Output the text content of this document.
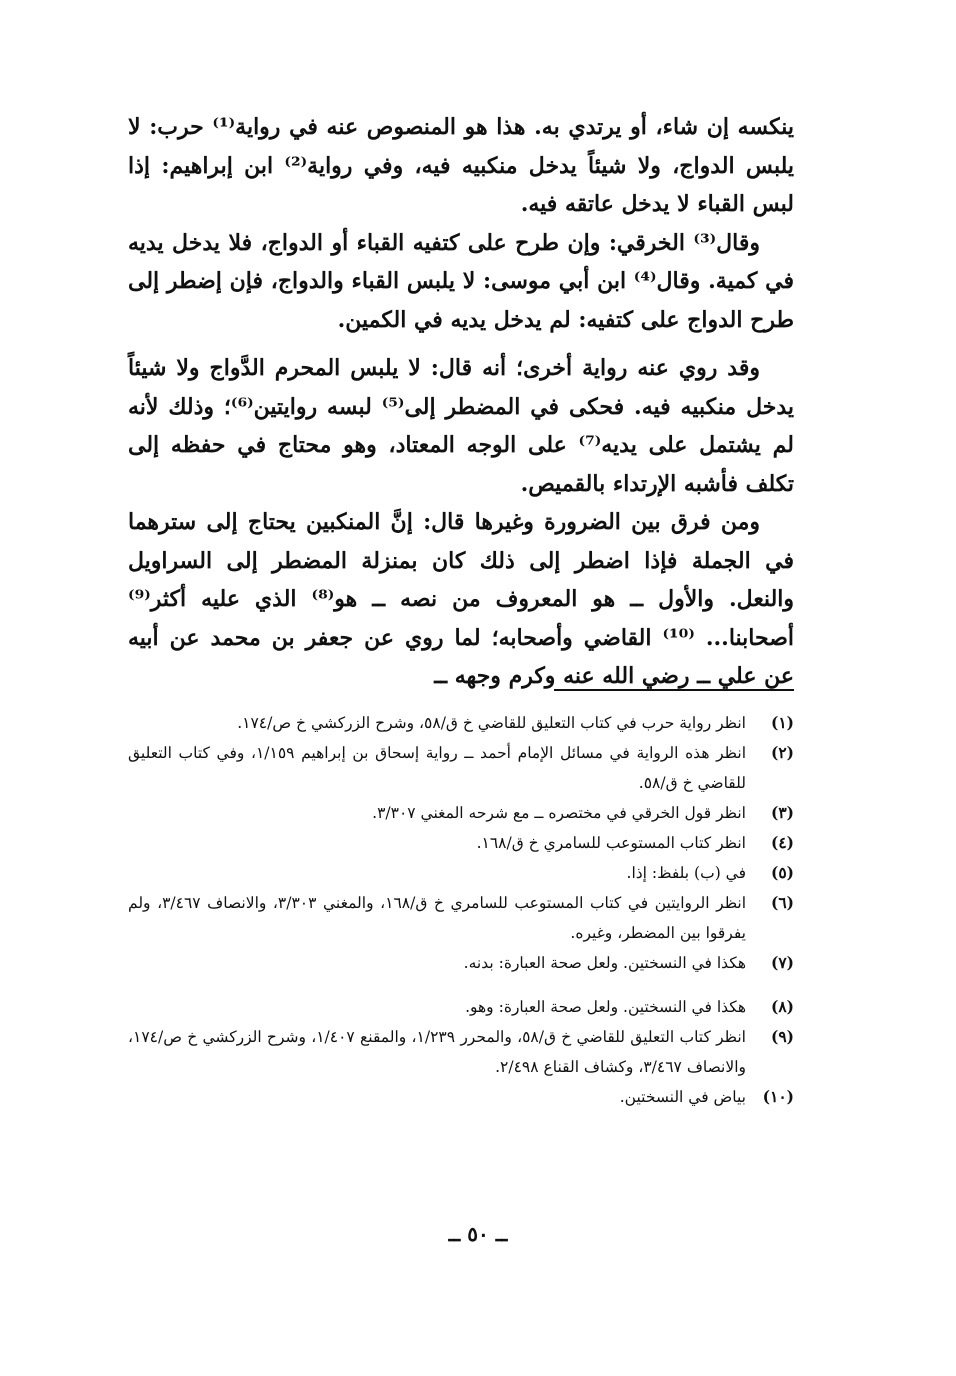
ينكسه إن شاء، أو يرتدي به. هذا هو المنصوص عنه في رواية⁽¹⁾ حرب: لا يلبس الدواج، ولا شيئاً يدخل منكبيه فيه، وفي رواية⁽²⁾ ابن إبراهيم: إذا لبس القباء لا يدخل عاتقه فيه.

وقال⁽³⁾ الخرقي: وإن طرح على كتفيه القباء أو الدواج، فلا يدخل يديه في كمية. وقال⁽⁴⁾ ابن أبي موسى: لا يلبس القباء والدواج، فإن إضطر إلى طرح الدواج على كتفيه: لم يدخل يديه في الكمين.

وقد روي عنه رواية أخرى؛ أنه قال: لا يلبس المحرم الدَّواج ولا شيئاً يدخل منكبيه فيه. فحكى في المضطر إلى⁽⁵⁾ لبسه روايتين⁽⁶⁾؛ وذلك لأنه لم يشتمل على يديه⁽⁷⁾ على الوجه المعتاد، وهو محتاج في حفظه إلى تكلف فأشبه الإرتداء بالقميص.

ومن فرق بين الضرورة وغيرها قال: إنَّ المنكبين يحتاج إلى سترهما في الجملة فإذا اضطر إلى ذلك كان بمنزلة المضطر إلى السراويل والنعل. والأول ــ هو المعروف من نصه ــ هو⁽⁸⁾ الذي عليه أكثر⁽⁹⁾ أصحابنا... ⁽¹⁰⁾ القاضي وأصحابه؛ لما روي عن جعفر بن محمد عن أبيه عن علي ــ رضي الله عنه وكرم وجهه ــ

(١)
انظر رواية حرب في كتاب التعليق للقاضي خ ق/٥٨، وشرح الزركشي خ ص/١٧٤.
(٢)
انظر هذه الرواية في مسائل الإمام أحمد ــ رواية إسحاق بن إبراهيم ١/١٥٩، وفي كتاب التعليق للقاضي خ ق/٥٨.
(٣)
انظر قول الخرقي في مختصره ــ مع شرحه المغني ٣/٣٠٧.
(٤)
انظر كتاب المستوعب للسامري خ ق/١٦٨.
(٥)
في (ب) بلفظ: إذا.
(٦)
انظر الروايتين في كتاب المستوعب للسامري خ ق/١٦٨، والمغني ٣/٣٠٣، والانصاف ٣/٤٦٧، ولم يفرقوا بين المضطر، وغيره.
(٧)
هكذا في النسختين. ولعل صحة العبارة: بدنه.
(٨)
هكذا في النسختين. ولعل صحة العبارة: وهو.
(٩)
انظر كتاب التعليق للقاضي خ ق/٥٨، والمحرر ١/٢٣٩، والمقنع ١/٤٠٧، وشرح الزركشي خ ص/١٧٤، والانصاف ٣/٤٦٧، وكشاف القناع ٢/٤٩٨.
(١٠)
بياض في النسختين.
ــ ٥٠ ــ
